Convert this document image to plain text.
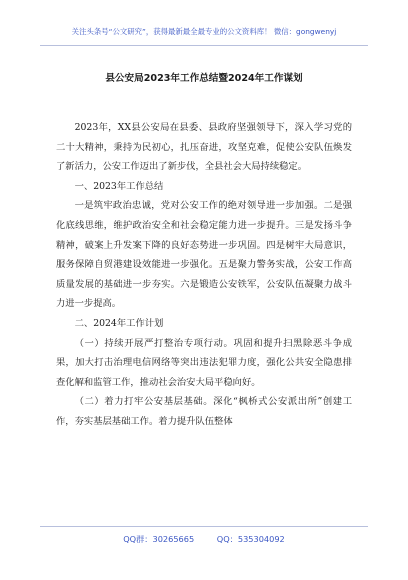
关注头条号“公文研究”，获得最新最全最专业的公文资料库！ 微信：gongwenyj
县公安局2023年工作总结暨2024年工作谋划

2023年，XX县公安局在县委、县政府坚强领导下，深入学习党的二十大精神，秉持为民初心，扎压奋进，攻坚克难，促使公安队伍焕发了新活力，公安工作迈出了新步伐，全县社会大局持续稳定。

一、2023年工作总结

一是筑牢政治忠诚，党对公安工作的绝对领导进一步加强。二是强化底线思维，维护政治安全和社会稳定能力进一步提升。三是发扬斗争精神，破案上升发案下降的良好态势进一步巩固。四是树牢大局意识，服务保障自贸港建设效能进一步强化。五是聚力警务实战，公安工作高质量发展的基础进一步夯实。六是锻造公安铁军，公安队伍凝聚力战斗力进一步提高。

二、2024年工作计划

（一）持续开展严打整治专项行动。巩固和提升扫黑除恶斗争成果，加大打击治理电信网络等突出违法犯罪力度，强化公共安全隐患排查化解和监管工作，推动社会治安大局平稳向好。

（二）着力打牢公安基层基础。深化“枫桥式公安派出所”创建工作，夯实基层基础工作。着力提升队伍整体

QQ群：30265665	QQ：535304092
